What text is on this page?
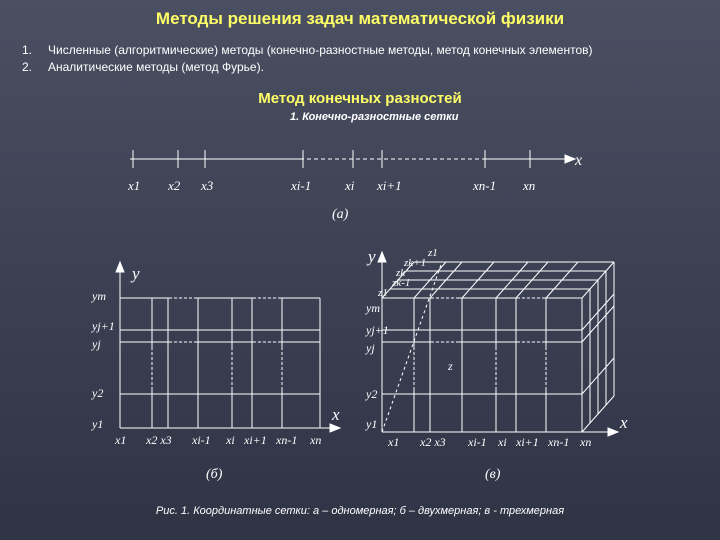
Методы решения задач математической физики
1.	Численные (алгоритмические) методы (конечно-разностные методы, метод конечных элементов)
2.	Аналитические методы (метод Фурье).
Метод конечных разностей
1. Конечно-разностные сетки
x
x1 x2 x3	xi-1	xi xi+1	xn-1 xn
(а)
y
x
ym
yj+1
yj
y2
y1
x1 x2 x3 xi-1 xi xi+1 xn-1 xn
(б)
y
x
z
z1
zk+1
zk
zk-1
z1
ym
yj+1
yj
y2
y1
x1 x2 x3 xi-1 xi xi+1 xn-1 xn
(в)
Рис. 1. Координатные сетки: а – одномерная; б – двухмерная; в - трехмерная
